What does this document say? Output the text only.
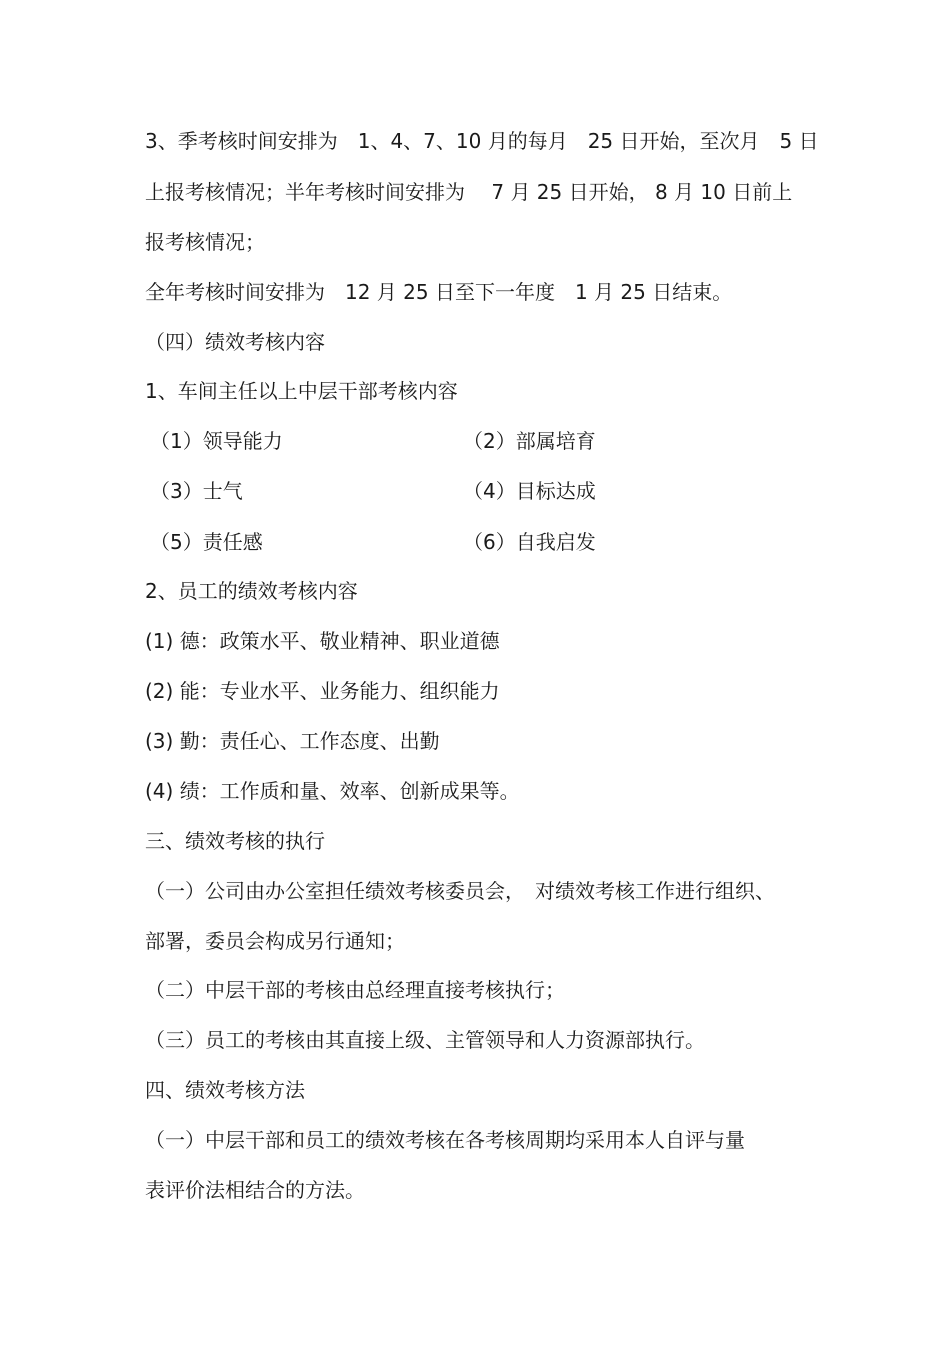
3、季考核时间安排为　1、4、7、10 月的每月　25 日开始，至次月　5 日
上报考核情况；半年考核时间安排为　 7 月 25 日开始， 8 月 10 日前上
报考核情况；
全年考核时间安排为　12 月 25 日至下一年度　1 月 25 日结束。
（四）绩效考核内容
1、车间主任以上中层干部考核内容
（1）领导能力	（2）部属培育
（3）士气	（4）目标达成
（5）责任感	（6）自我启发
2、员工的绩效考核内容
(1) 德：政策水平、敬业精神、职业道德
(2) 能：专业水平、业务能力、组织能力
(3) 勤：责任心、工作态度、出勤
(4) 绩：工作质和量、效率、创新成果等。
三、绩效考核的执行
（一）公司由办公室担任绩效考核委员会，　对绩效考核工作进行组织、
部署，委员会构成另行通知；
（二）中层干部的考核由总经理直接考核执行；
（三）员工的考核由其直接上级、主管领导和人力资源部执行。
四、绩效考核方法
（一）中层干部和员工的绩效考核在各考核周期均采用本人自评与量
表评价法相结合的方法。
